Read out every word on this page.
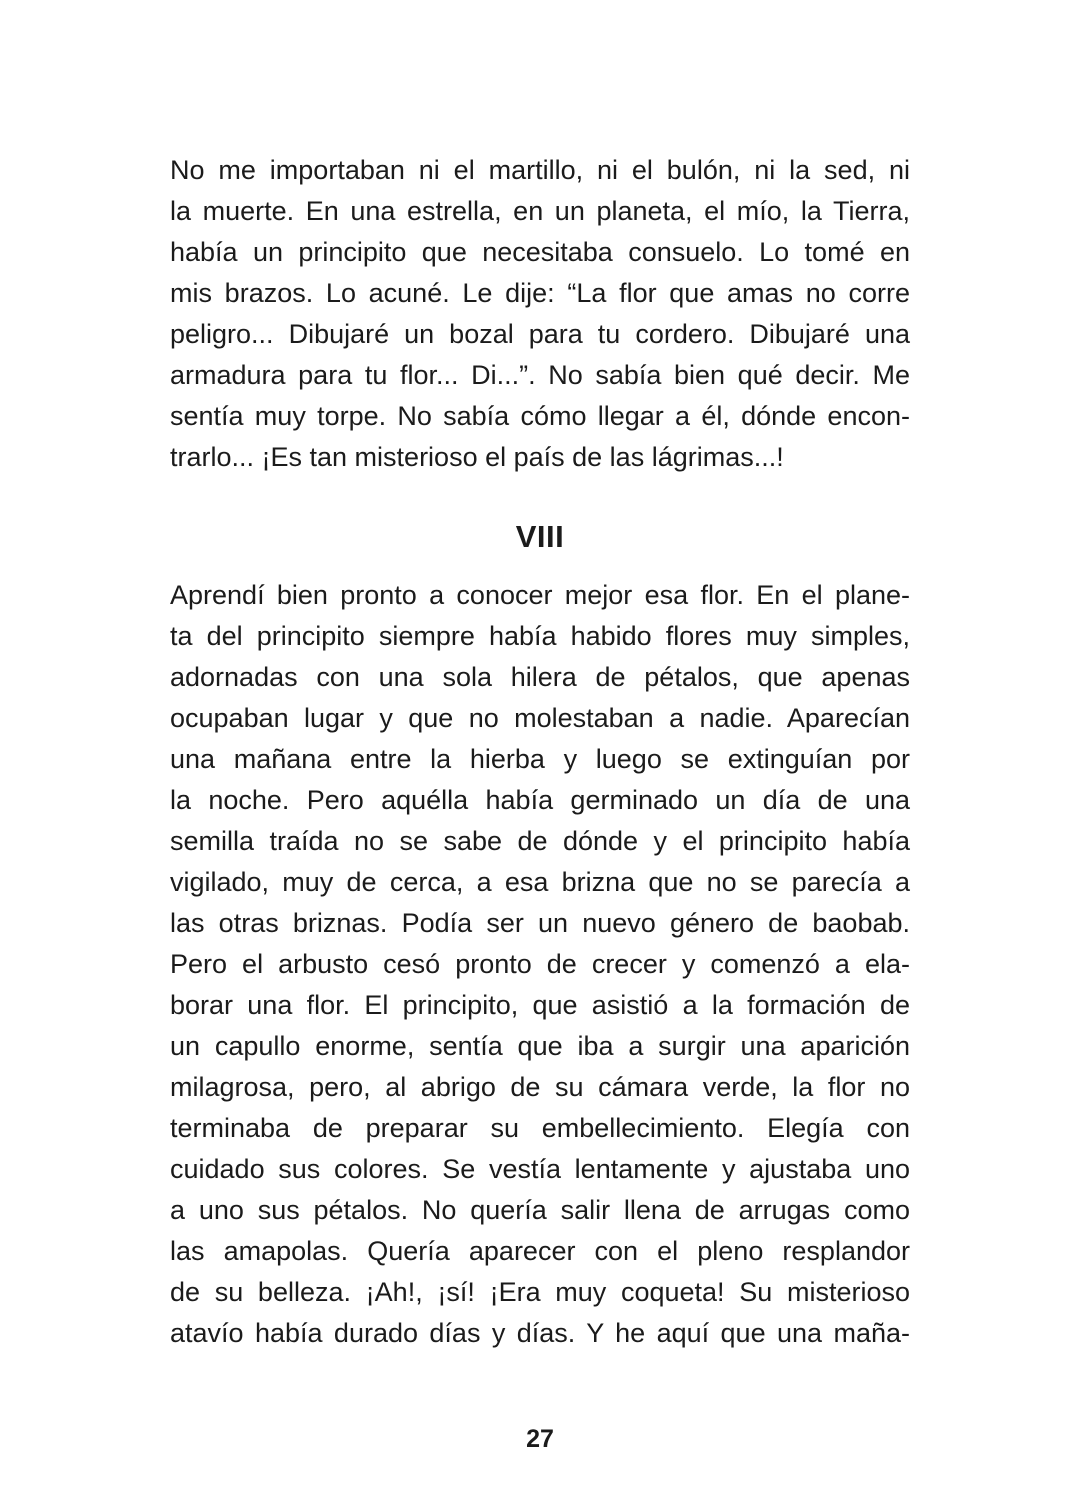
No me importaban ni el martillo, ni el bulón, ni la sed, ni
la muerte. En una estrella, en un planeta, el mío, la Tierra,
había un principito que necesitaba consuelo. Lo tomé en
mis brazos. Lo acuné. Le dije: “La flor que amas no corre
peligro... Dibujaré un bozal para tu cordero. Dibujaré una
armadura para tu flor... Di...”. No sabía bien qué decir. Me
sentía muy torpe. No sabía cómo llegar a él, dónde encon-
trarlo... ¡Es tan misterioso el país de las lágrimas...!
VIII
Aprendí bien pronto a conocer mejor esa flor. En el plane-
ta del principito siempre había habido flores muy simples,
adornadas con una sola hilera de pétalos, que apenas
ocupaban lugar y que no molestaban a nadie. Aparecían
una mañana entre la hierba y luego se extinguían por
la noche. Pero aquélla había germinado un día de una
semilla traída no se sabe de dónde y el principito había
vigilado, muy de cerca, a esa brizna que no se parecía a
las otras briznas. Podía ser un nuevo género de baobab.
Pero el arbusto cesó pronto de crecer y comenzó a ela-
borar una flor. El principito, que asistió a la formación de
un capullo enorme, sentía que iba a surgir una aparición
milagrosa, pero, al abrigo de su cámara verde, la flor no
terminaba de preparar su embellecimiento. Elegía con
cuidado sus colores. Se vestía lentamente y ajustaba uno
a uno sus pétalos. No quería salir llena de arrugas como
las amapolas. Quería aparecer con el pleno resplandor
de su belleza. ¡Ah!, ¡sí! ¡Era muy coqueta! Su misterioso
atavío había durado días y días. Y he aquí que una maña-
27
